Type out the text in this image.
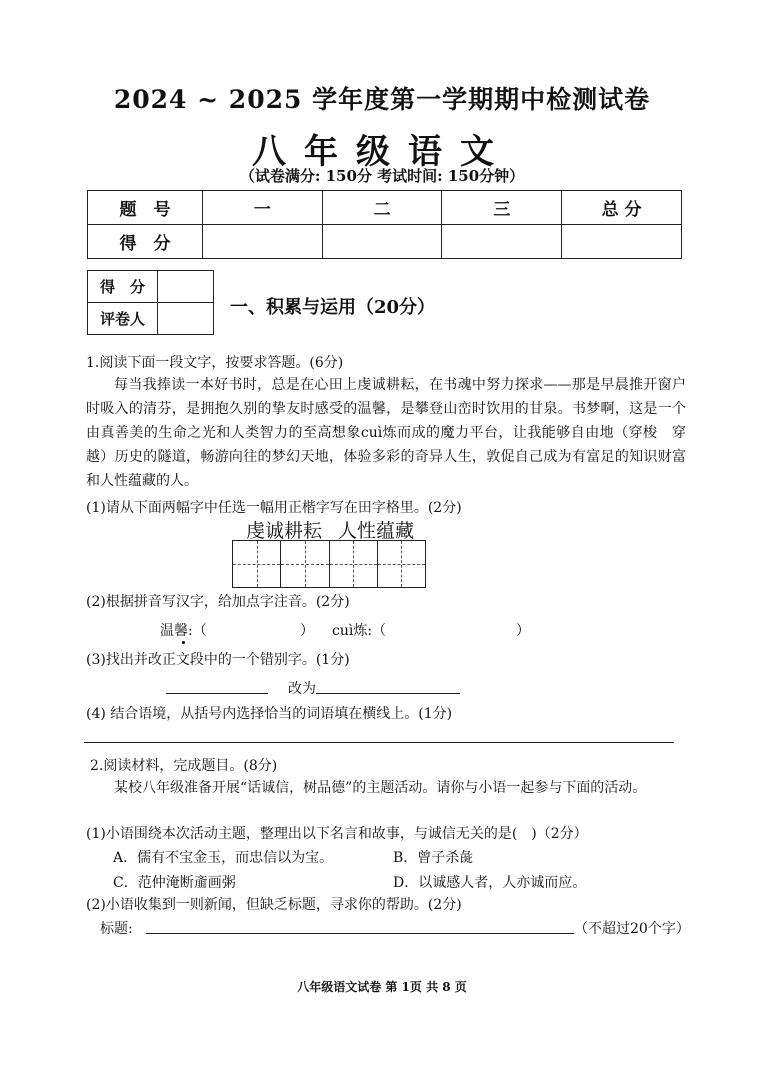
2024 ~ 2025 学年度第一学期期中检测试卷
八年级语文
（试卷满分: 150分 考试时间: 150分钟）
题　号	一	二	三	总 分
得　分				
得　分	
评卷人	
一、积累与运用（20分）
1.阅读下面一段文字，按要求答题。(6分)
每当我捧读一本好书时，总是在心田上虔诚耕耘，在书魂中努力探求——那是早晨推开窗户时吸入的清芬，是拥抱久别的挚友时感受的温馨，是攀登山峦时饮用的甘泉。书梦啊，这是一个由真善美的生命之光和人类智力的至高想象cuì炼而成的魔力平台，让我能够自由地（穿梭　穿越）历史的隧道，畅游向往的梦幻天地，体验多彩的奇异人生，敦促自己成为有富足的知识财富和人性蕴藏的人。
(1)请从下面两幅字中任选一幅用正楷字写在田字格里。(2分)
虔诚耕耘 人性蕴藏
(2)根据拼音写汉字，给加点字注音。(2分)
温馨:（	） cuì炼:（	）
(3)找出并改正文段中的一个错别字。(1分)
改为
(4) 结合语境，从括号内选择恰当的词语填在横线上。(1分)
2.阅读材料，完成题目。(8分)
某校八年级准备开展“话诚信，树品德”的主题活动。请你与小语一起参与下面的活动。
(1)小语围绕本次活动主题，整理出以下名言和故事，与诚信无关的是(　)（2分）
A．儒有不宝金玉，而忠信以为宝。	B．曾子杀彘
C．范仲淹断齑画粥	D．以诚感人者，人亦诚而应。
(2)小语收集到一则新闻，但缺乏标题，寻求你的帮助。(2分)
标题:	（不超过20个字）
八年级语文试卷 第 1页 共 8 页
